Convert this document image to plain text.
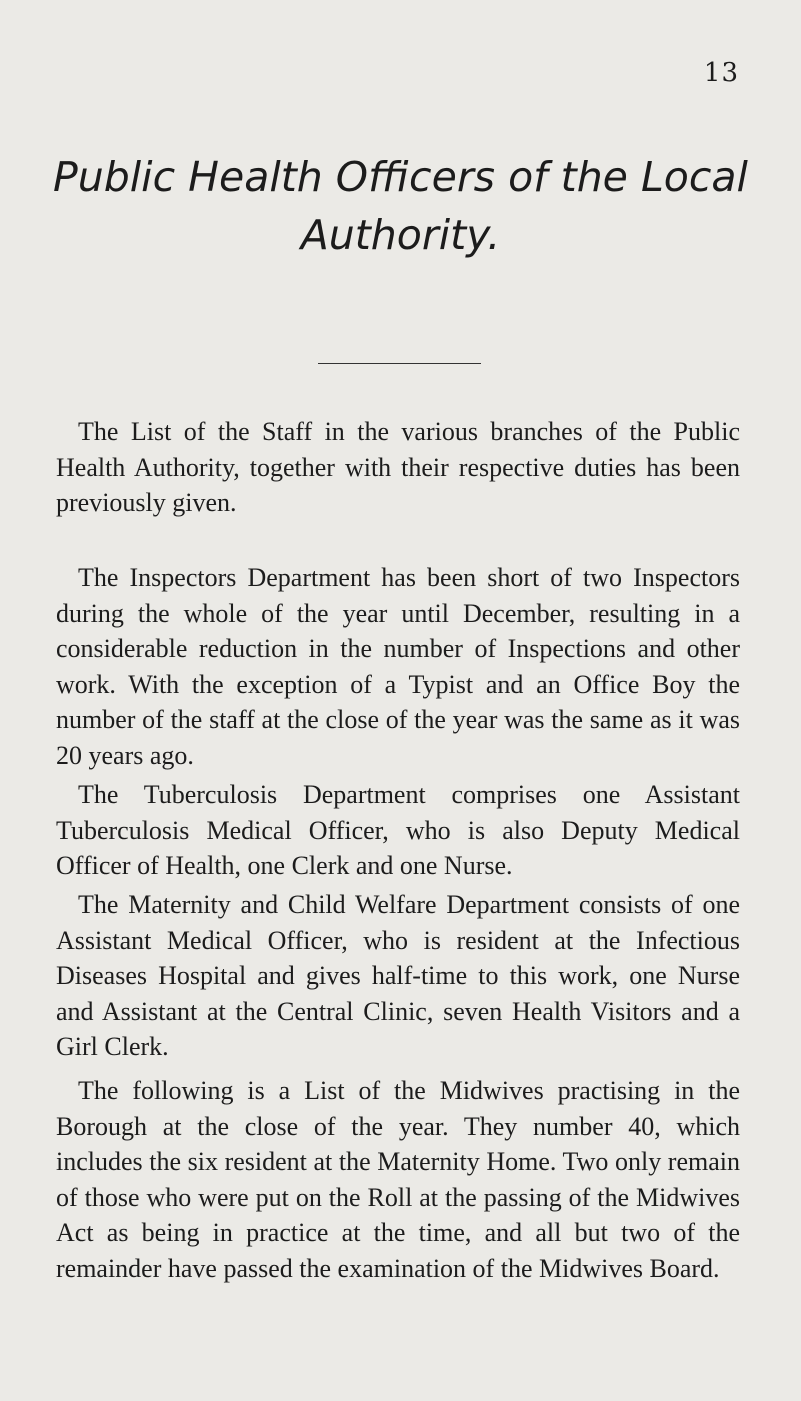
13
Public Health Officers of the Local
Authority.

The List of the Staff in the various branches of the Public Health Authority, together with their respective duties has been previously given.

The Inspectors Department has been short of two Inspectors during the whole of the year until December, resulting in a considerable reduction in the number of Inspections and other work. With the exception of a Typist and an Office Boy the number of the staff at the close of the year was the same as it was 20 years ago.

The Tuberculosis Department comprises one Assistant Tuberculosis Medical Officer, who is also Deputy Medical Officer of Health, one Clerk and one Nurse.

The Maternity and Child Welfare Department consists of one Assistant Medical Officer, who is resident at the Infectious Diseases Hospital and gives half-time to this work, one Nurse and Assistant at the Central Clinic, seven Health Visitors and a Girl Clerk.

The following is a List of the Midwives practising in the Borough at the close of the year. They number 40, which includes the six resident at the Maternity Home. Two only remain of those who were put on the Roll at the passing of the Midwives Act as being in practice at the time, and all but two of the remainder have passed the examination of the Midwives Board.
